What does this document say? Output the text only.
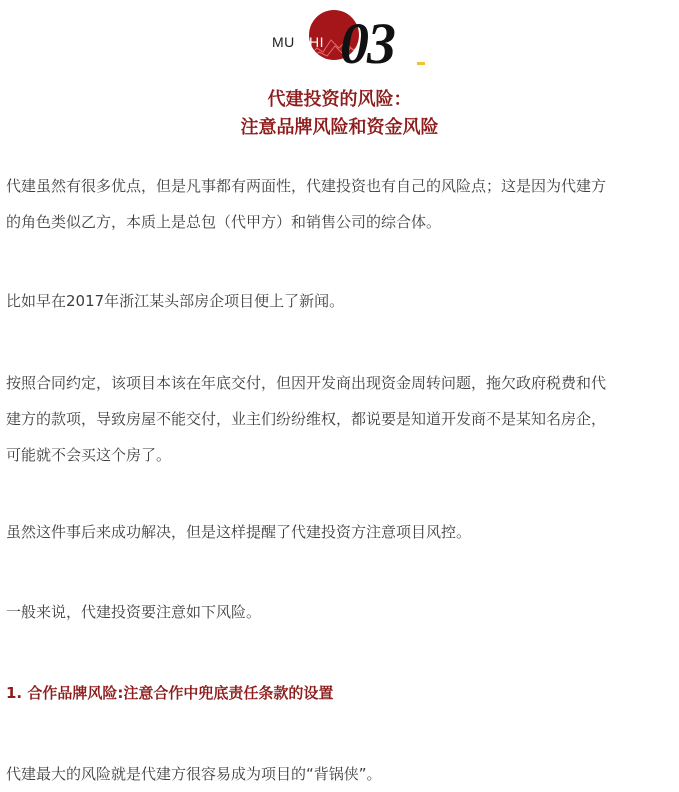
MU SHI 03
代建投资的风险：
注意品牌风险和资金风险
代建虽然有很多优点，但是凡事都有两面性，代建投资也有自己的风险点；这是因为代建方
的角色类似乙方，本质上是总包（代甲方）和销售公司的综合体。
比如早在2017年浙江某头部房企项目便上了新闻。
按照合同约定，该项目本该在年底交付，但因开发商出现资金周转问题，拖欠政府税费和代
建方的款项，导致房屋不能交付，业主们纷纷维权，都说要是知道开发商不是某知名房企，
可能就不会买这个房了。
虽然这件事后来成功解决，但是这样提醒了代建投资方注意项目风控。
一般来说，代建投资要注意如下风险。
1. 合作品牌风险:注意合作中兜底责任条款的设置
代建最大的风险就是代建方很容易成为项目的“背锅侠”。
